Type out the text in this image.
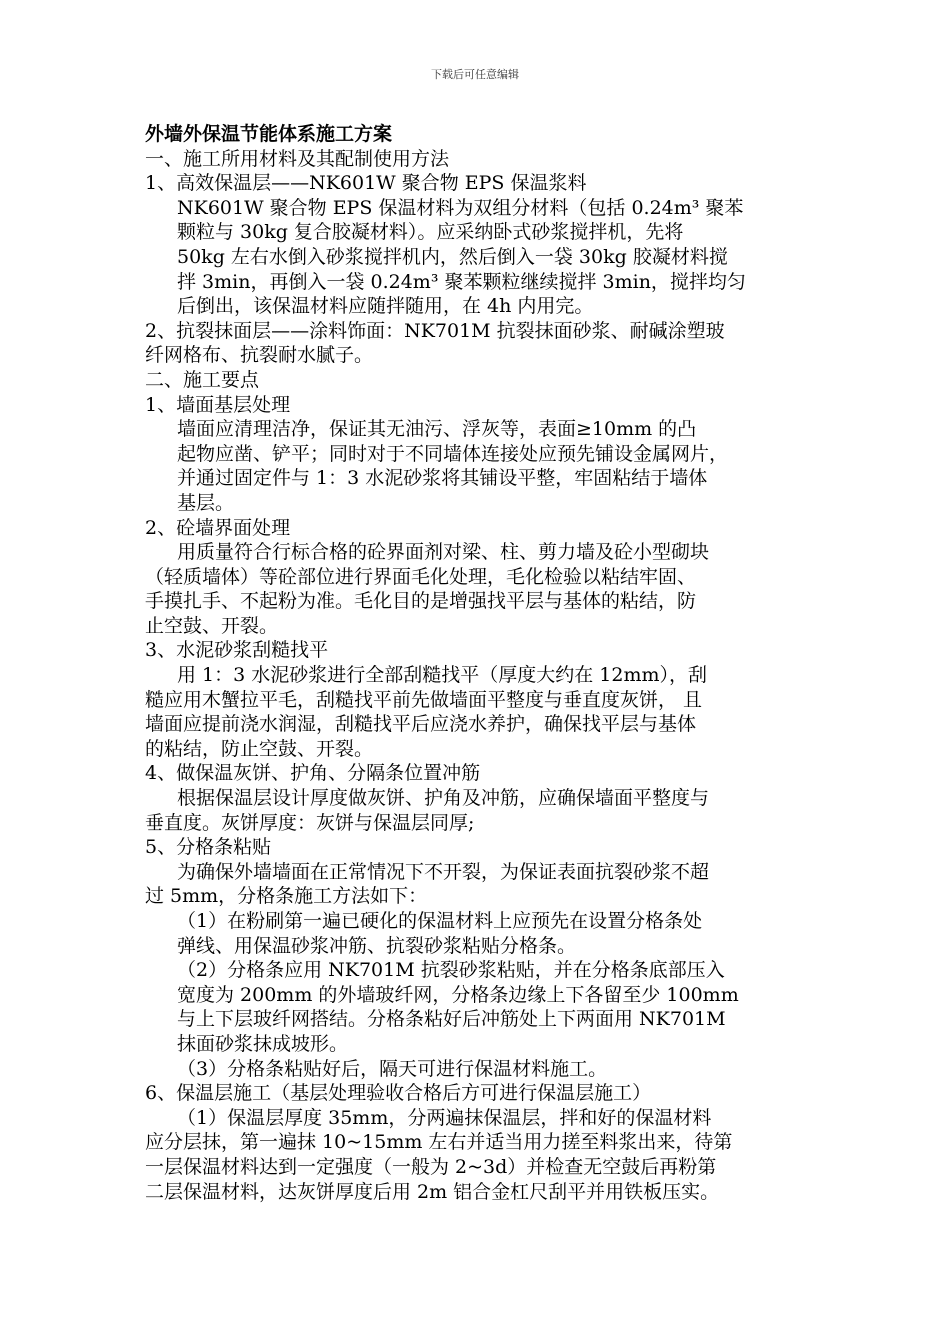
下载后可任意编辑
外墙外保温节能体系施工方案
一、施工所用材料及其配制使用方法
1、高效保温层——NK601W 聚合物 EPS 保温浆料
NK601W 聚合物 EPS 保温材料为双组分材料（包括 0.24m³ 聚苯
颗粒与 30kg 复合胶凝材料）。应采纳卧式砂浆搅拌机，先将
50kg 左右水倒入砂浆搅拌机内，然后倒入一袋 30kg 胶凝材料搅
拌 3min，再倒入一袋 0.24m³ 聚苯颗粒继续搅拌 3min，搅拌均匀
后倒出，该保温材料应随拌随用，在 4h 内用完。
2、抗裂抹面层——涂料饰面：NK701M 抗裂抹面砂浆、耐碱涂塑玻
纤网格布、抗裂耐水腻子。
二、施工要点
1、墙面基层处理
墙面应清理洁净，保证其无油污、浮灰等，表面≥10mm 的凸
起物应凿、铲平；同时对于不同墙体连接处应预先铺设金属网片，
并通过固定件与 1：3 水泥砂浆将其铺设平整，牢固粘结于墙体
基层。
2、砼墙界面处理
用质量符合行标合格的砼界面剂对梁、柱、剪力墙及砼小型砌块
（轻质墙体）等砼部位进行界面毛化处理，毛化检验以粘结牢固、
手摸扎手、不起粉为准。毛化目的是增强找平层与基体的粘结，防
止空鼓、开裂。
3、水泥砂浆刮糙找平
用 1：3 水泥砂浆进行全部刮糙找平（厚度大约在 12mm），刮
糙应用木蟹拉平毛，刮糙找平前先做墙面平整度与垂直度灰饼， 且
墙面应提前浇水润湿，刮糙找平后应浇水养护，确保找平层与基体
的粘结，防止空鼓、开裂。
4、做保温灰饼、护角、分隔条位置冲筋
根据保温层设计厚度做灰饼、护角及冲筋，应确保墙面平整度与
垂直度。灰饼厚度：灰饼与保温层同厚;
5、分格条粘贴
为确保外墙墙面在正常情况下不开裂，为保证表面抗裂砂浆不超
过 5mm，分格条施工方法如下：
（1）在粉刷第一遍已硬化的保温材料上应预先在设置分格条处
弹线、用保温砂浆冲筋、抗裂砂浆粘贴分格条。
（2）分格条应用 NK701M 抗裂砂浆粘贴，并在分格条底部压入
宽度为 200mm 的外墙玻纤网，分格条边缘上下各留至少 100mm
与上下层玻纤网搭结。分格条粘好后冲筋处上下两面用 NK701M
抹面砂浆抹成坡形。
（3）分格条粘贴好后，隔天可进行保温材料施工。
6、保温层施工（基层处理验收合格后方可进行保温层施工）
（1）保温层厚度 35mm，分两遍抹保温层，拌和好的保温材料
应分层抹，第一遍抹 10~15mm 左右并适当用力搓至料浆出来，待第
一层保温材料达到一定强度（一般为 2~3d）并检查无空鼓后再粉第
二层保温材料，达灰饼厚度后用 2m 铝合金杠尺刮平并用铁板压实。
